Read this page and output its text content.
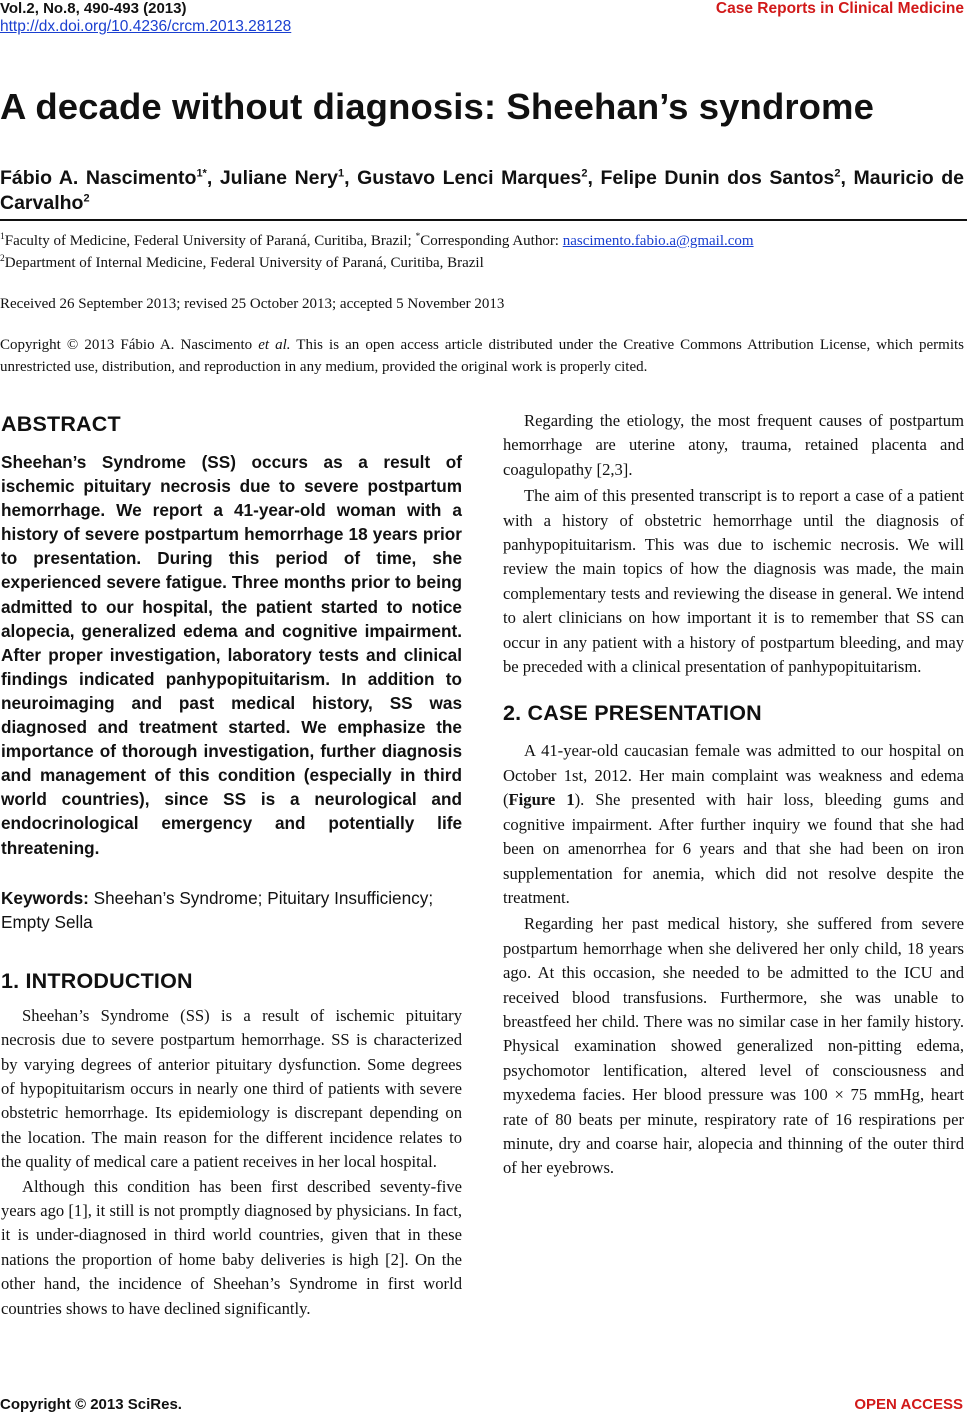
Vol.2, No.8, 490-493 (2013)
http://dx.doi.org/10.4236/crcm.2013.28128
Case Reports in Clinical Medicine
A decade without diagnosis: Sheehan’s syndrome
Fábio A. Nascimento$^{1*}$, Juliane Nery$^1$, Gustavo Lenci Marques$^2$, Felipe Dunin dos Santos$^2$, Mauricio de Carvalho$^2$
$^1$Faculty of Medicine, Federal University of Paraná, Curitiba, Brazil; *Corresponding Author: nascimento.fabio.a@gmail.com
$^2$Department of Internal Medicine, Federal University of Paraná, Curitiba, Brazil
Received 26 September 2013; revised 25 October 2013; accepted 5 November 2013
Copyright © 2013 Fábio A. Nascimento et al. This is an open access article distributed under the Creative Commons Attribution License, which permits unrestricted use, distribution, and reproduction in any medium, provided the original work is properly cited.
ABSTRACT

Sheehan’s Syndrome (SS) occurs as a result of ischemic pituitary necrosis due to severe postpartum hemorrhage. We report a 41-year-old woman with a history of severe postpartum hemorrhage 18 years prior to presentation. During this period of time, she experienced severe fatigue. Three months prior to being admitted to our hospital, the patient started to notice alopecia, generalized edema and cognitive impairment. After proper investigation, laboratory tests and clinical findings indicated panhypopituitarism. In addition to neuroimaging and past medical history, SS was diagnosed and treatment started. We emphasize the importance of thorough investigation, further diagnosis and management of this condition (especially in third world countries), since SS is a neurological and endocrinological emergency and potentially life threatening.

Keywords: Sheehan’s Syndrome; Pituitary Insufficiency; Empty Sella

1. INTRODUCTION

Sheehan’s Syndrome (SS) is a result of ischemic pituitary necrosis due to severe postpartum hemorrhage. SS is characterized by varying degrees of anterior pituitary dysfunction. Some degrees of hypopituitarism occurs in nearly one third of patients with severe obstetric hemorrhage. Its epidemiology is discrepant depending on the location. The main reason for the different incidence relates to the quality of medical care a patient receives in her local hospital.

Although this condition has been first described seventy-five years ago [1], it still is not promptly diagnosed by physicians. In fact, it is under-diagnosed in third world countries, given that in these nations the proportion of home baby deliveries is high [2]. On the other hand, the incidence of Sheehan’s Syndrome in first world countries shows to have declined significantly.

Regarding the etiology, the most frequent causes of postpartum hemorrhage are uterine atony, trauma, retained placenta and coagulopathy [2,3].

The aim of this presented transcript is to report a case of a patient with a history of obstetric hemorrhage until the diagnosis of panhypopituitarism. This was due to ischemic necrosis. We will review the main topics of how the diagnosis was made, the main complementary tests and reviewing the disease in general. We intend to alert clinicians on how important it is to remember that SS can occur in any patient with a history of postpartum bleeding, and may be preceded with a clinical presentation of panhypopituitarism.

2. CASE PRESENTATION

A 41-year-old caucasian female was admitted to our hospital on October 1st, 2012. Her main complaint was weakness and edema (Figure 1). She presented with hair loss, bleeding gums and cognitive impairment. After further inquiry we found that she had been on amenorrhea for 6 years and that she had been on iron supplementation for anemia, which did not resolve despite the treatment.

Regarding her past medical history, she suffered from severe postpartum hemorrhage when she delivered her only child, 18 years ago. At this occasion, she needed to be admitted to the ICU and received blood transfusions. Furthermore, she was unable to breastfeed her child. There was no similar case in her family history. Physical examination showed generalized non-pitting edema, psychomotor lentification, altered level of consciousness and myxedema facies. Her blood pressure was 100 × 75 mmHg, heart rate of 80 beats per minute, respiratory rate of 16 respirations per minute, dry and coarse hair, alopecia and thinning of the outer third of her eyebrows.

Copyright © 2013 SciRes.	OPEN ACCESS
